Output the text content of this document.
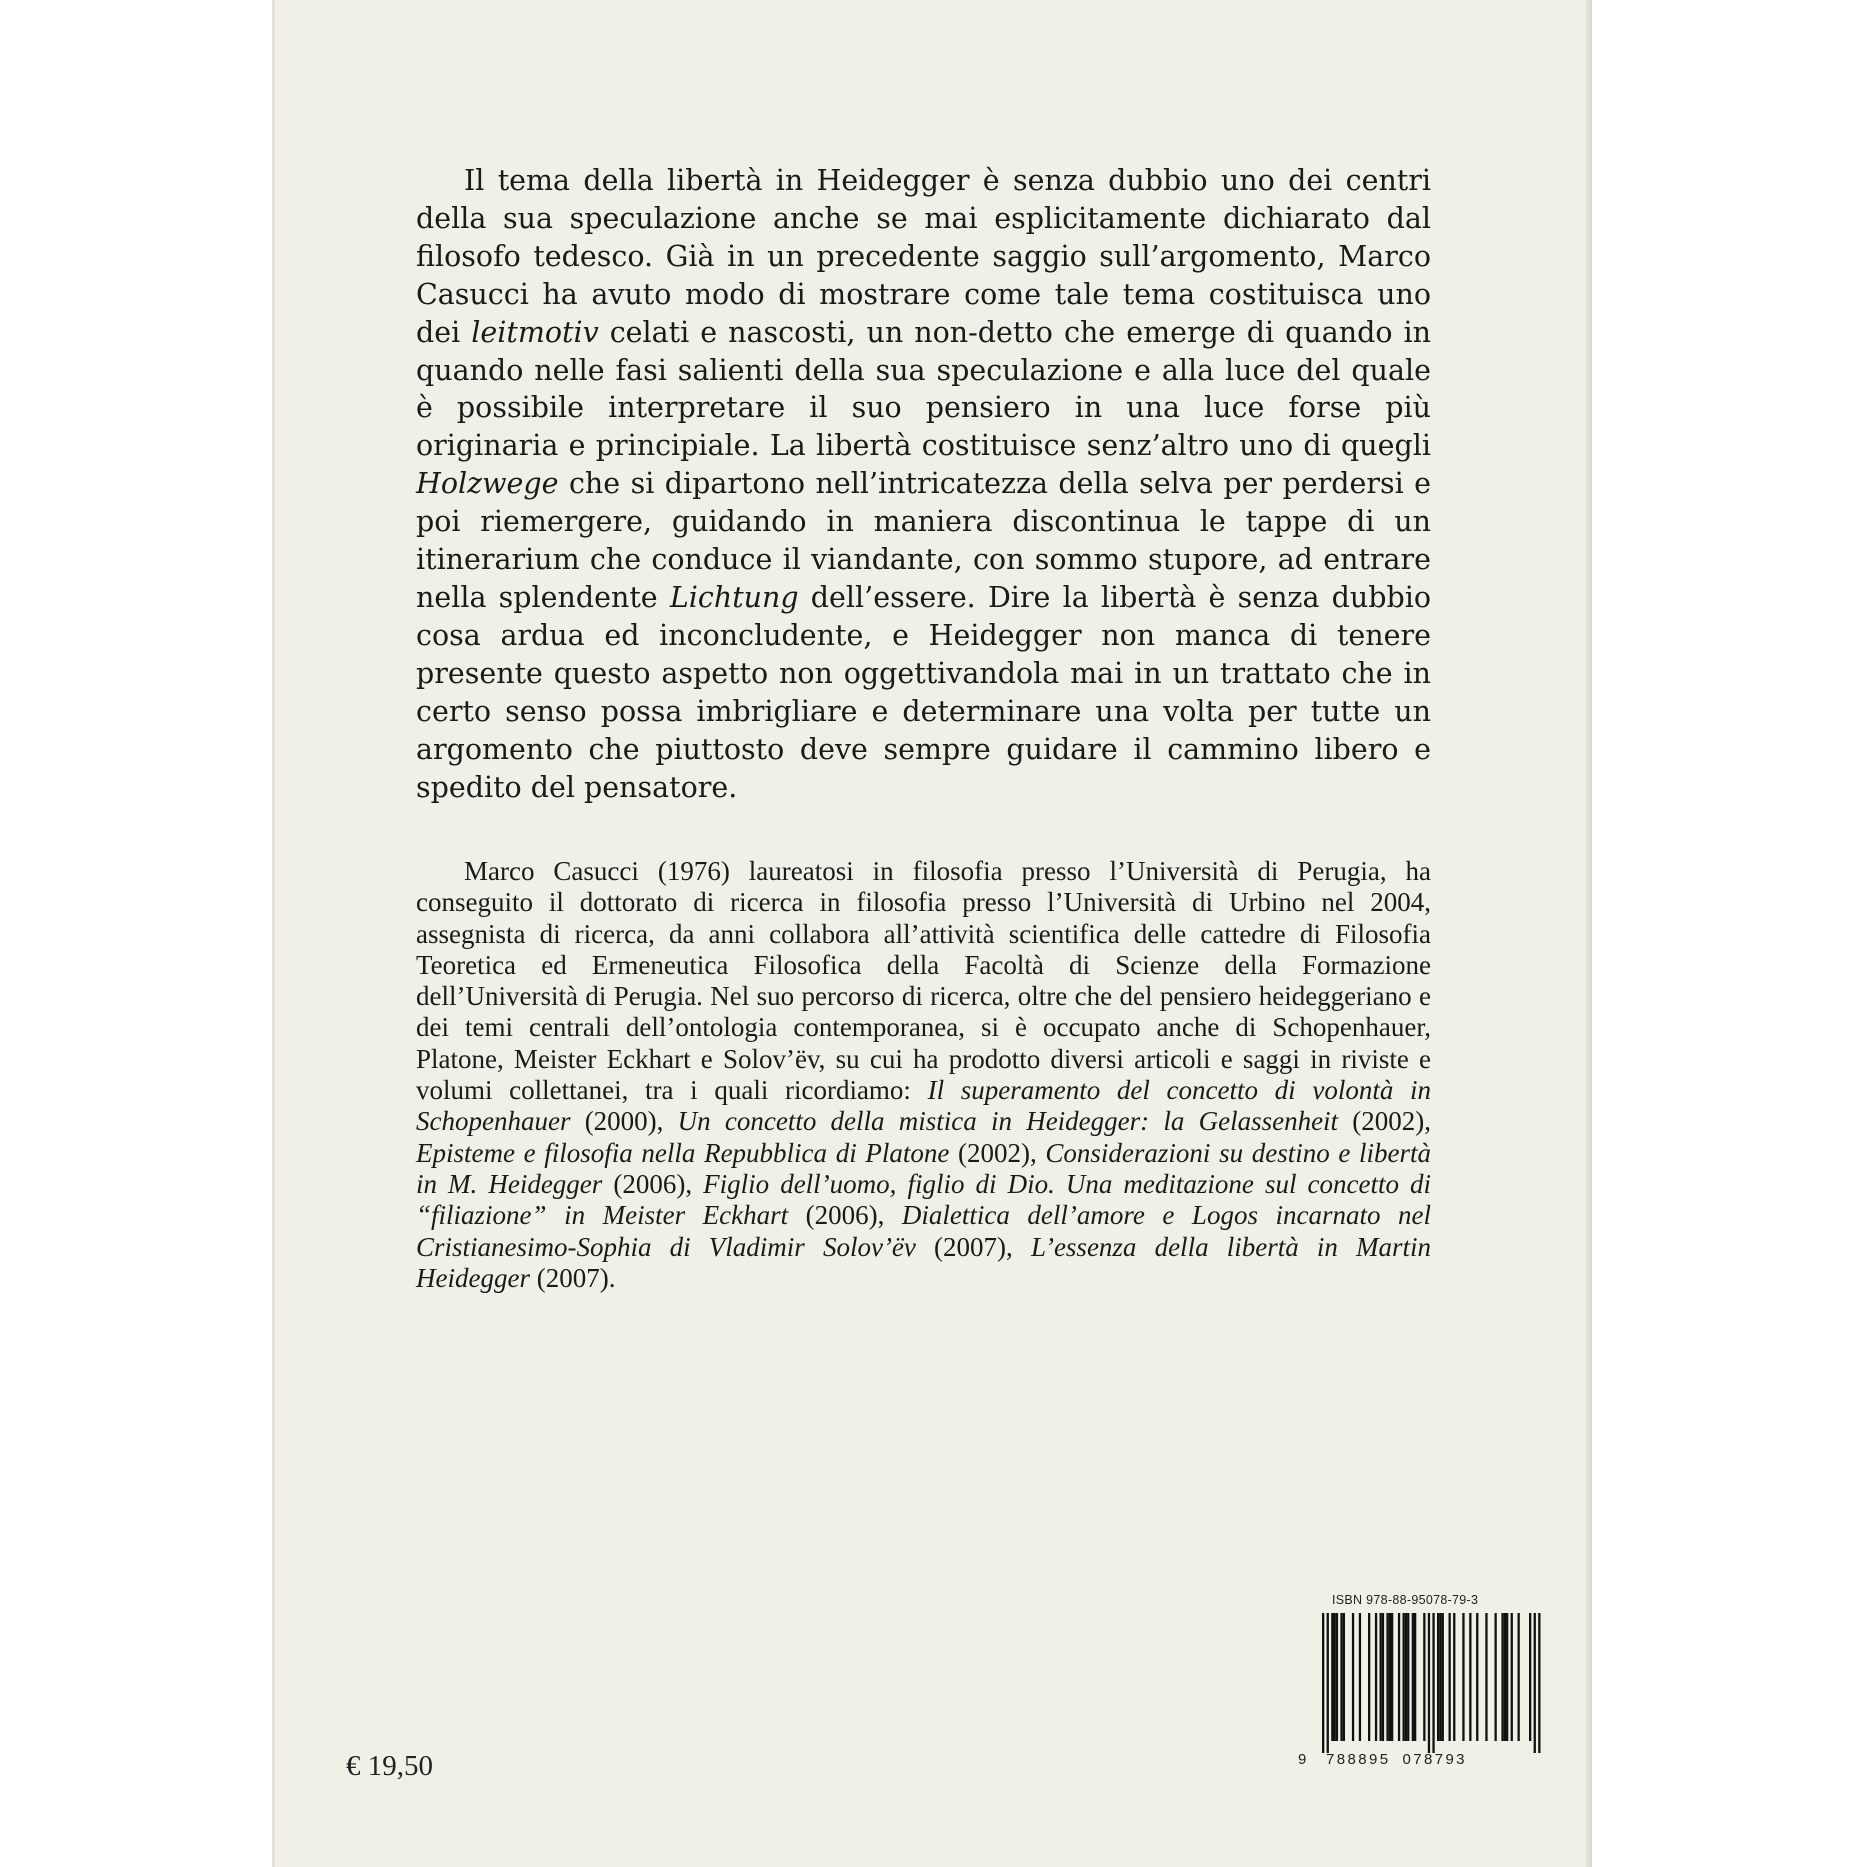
Il tema della libertà in Heidegger è senza dubbio uno dei centri della sua speculazione anche se mai esplicitamente dichiarato dal filosofo tedesco. Già in un precedente saggio sull’argomento, Marco Casucci ha avuto modo di mostrare come tale tema costituisca uno dei leitmotiv celati e nascosti, un non-detto che emerge di quando in quando nelle fasi salienti della sua speculazione e alla luce del quale è possibile interpretare il suo pensiero in una luce forse più originaria e principiale. La libertà costituisce senz’altro uno di quegli Holzwege che si dipartono nell’intricatezza della selva per perdersi e poi riemergere, guidando in maniera discontinua le tappe di un itinerarium che conduce il viandante, con sommo stupore, ad entrare nella splendente Lichtung dell’essere. Dire la libertà è senza dubbio cosa ardua ed inconcludente, e Heidegger non manca di tenere presente questo aspetto non oggettivandola mai in un trattato che in certo senso possa imbrigliare e determinare una volta per tutte un argomento che piuttosto deve sempre guidare il cammino libero e spedito del pensatore.

Marco Casucci (1976) laureatosi in filosofia presso l’Università di Perugia, ha conseguito il dottorato di ricerca in filosofia presso l’Università di Urbino nel 2004, assegnista di ricerca, da anni collabora all’attività scientifica delle cattedre di Filosofia Teoretica ed Ermeneutica Filosofica della Facoltà di Scienze della Formazione dell’Università di Perugia. Nel suo percorso di ricerca, oltre che del pensiero heideggeriano e dei temi centrali dell’ontologia contemporanea, si è occupato anche di Schopenhauer, Platone, Meister Eckhart e Solov’ëv, su cui ha prodotto diversi articoli e saggi in riviste e volumi collettanei, tra i quali ricordiamo: Il superamento del concetto di volontà in Schopenhauer (2000), Un concetto della mistica in Heidegger: la Gelassenheit (2002), Episteme e filosofia nella Repubblica di Platone (2002), Considerazioni su destino e libertà in M. Heidegger (2006), Figlio dell’uomo, figlio di Dio. Una meditazione sul concetto di “filiazione” in Meister Eckhart (2006), Dialettica dell’amore e Logos incarnato nel Cristianesimo-Sophia di Vladimir Solov’ëv (2007), L’essenza della libertà in Martin Heidegger (2007).

€ 19,50
ISBN 978-88-95078-79-3
9 788895 078793
